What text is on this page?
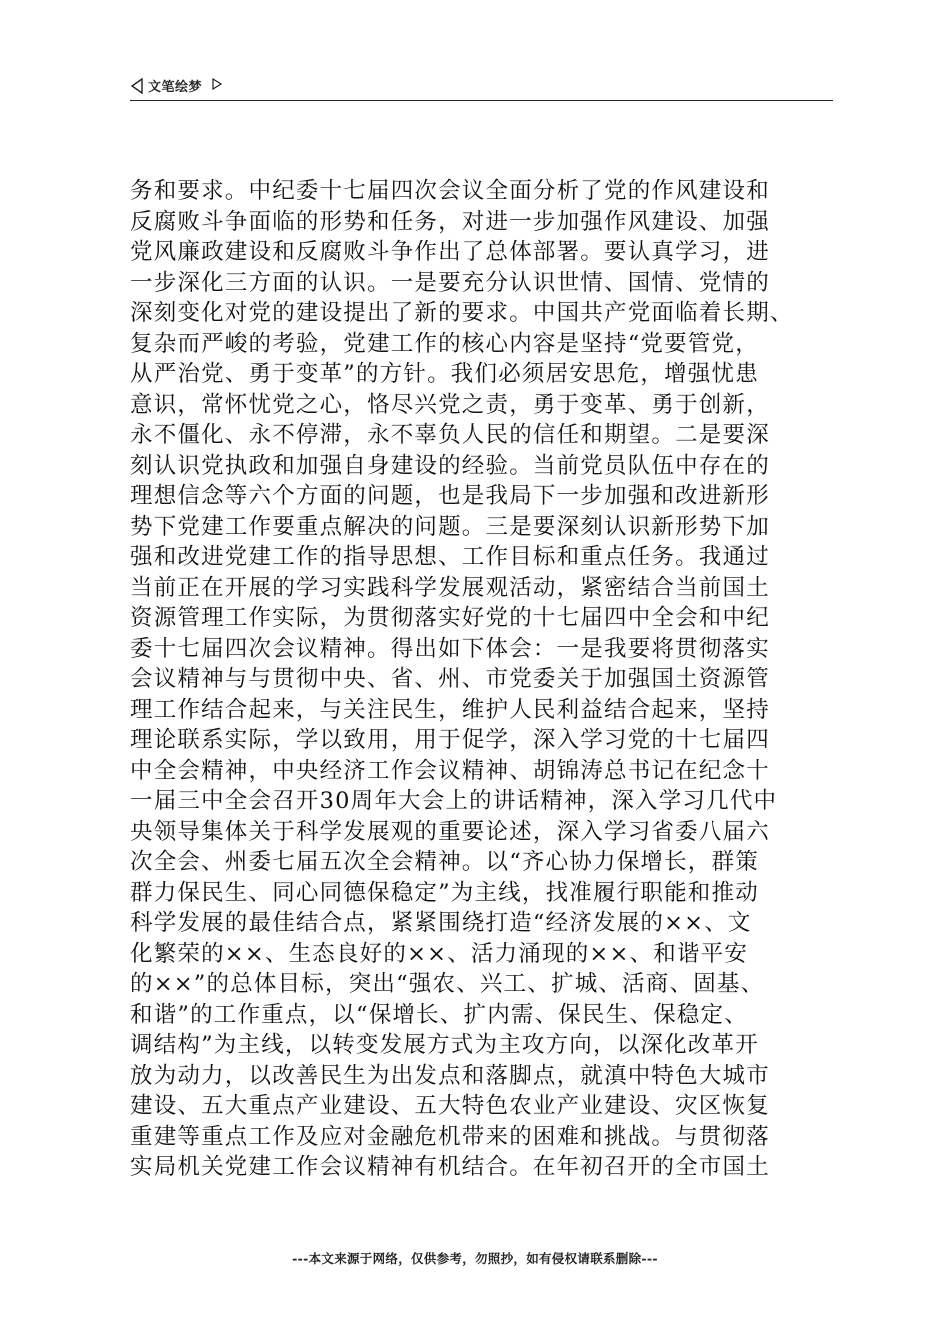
文笔绘梦
务和要求。中纪委十七届四次会议全面分析了党的作风建设和
反腐败斗争面临的形势和任务，对进一步加强作风建设、加强
党风廉政建设和反腐败斗争作出了总体部署。要认真学习，进
一步深化三方面的认识。一是要充分认识世情、国情、党情的
深刻变化对党的建设提出了新的要求。中国共产党面临着长期、
复杂而严峻的考验，党建工作的核心内容是坚持“党要管党，
从严治党、勇于变革”的方针。我们必须居安思危，增强忧患
意识，常怀忧党之心，恪尽兴党之责，勇于变革、勇于创新，
永不僵化、永不停滞，永不辜负人民的信任和期望。二是要深
刻认识党执政和加强自身建设的经验。当前党员队伍中存在的
理想信念等六个方面的问题，也是我局下一步加强和改进新形
势下党建工作要重点解决的问题。三是要深刻认识新形势下加
强和改进党建工作的指导思想、工作目标和重点任务。我通过
当前正在开展的学习实践科学发展观活动，紧密结合当前国土
资源管理工作实际，为贯彻落实好党的十七届四中全会和中纪
委十七届四次会议精神。得出如下体会：一是我要将贯彻落实
会议精神与与贯彻中央、省、州、市党委关于加强国土资源管
理工作结合起来，与关注民生，维护人民利益结合起来，坚持
理论联系实际，学以致用，用于促学，深入学习党的十七届四
中全会精神，中央经济工作会议精神、胡锦涛总书记在纪念十
一届三中全会召开30周年大会上的讲话精神，深入学习几代中
央领导集体关于科学发展观的重要论述，深入学习省委八届六
次全会、州委七届五次全会精神。以“齐心协力保增长，群策
群力保民生、同心同德保稳定”为主线，找准履行职能和推动
科学发展的最佳结合点，紧紧围绕打造“经济发展的××、文
化繁荣的××、生态良好的××、活力涌现的××、和谐平安
的××”的总体目标，突出“强农、兴工、扩城、活商、固基、
和谐”的工作重点，以“保增长、扩内需、保民生、保稳定、
调结构”为主线，以转变发展方式为主攻方向，以深化改革开
放为动力，以改善民生为出发点和落脚点，就滇中特色大城市
建设、五大重点产业建设、五大特色农业产业建设、灾区恢复
重建等重点工作及应对金融危机带来的困难和挑战。与贯彻落
实局机关党建工作会议精神有机结合。在年初召开的全市国土
---本文来源于网络，仅供参考，勿照抄，如有侵权请联系删除---
